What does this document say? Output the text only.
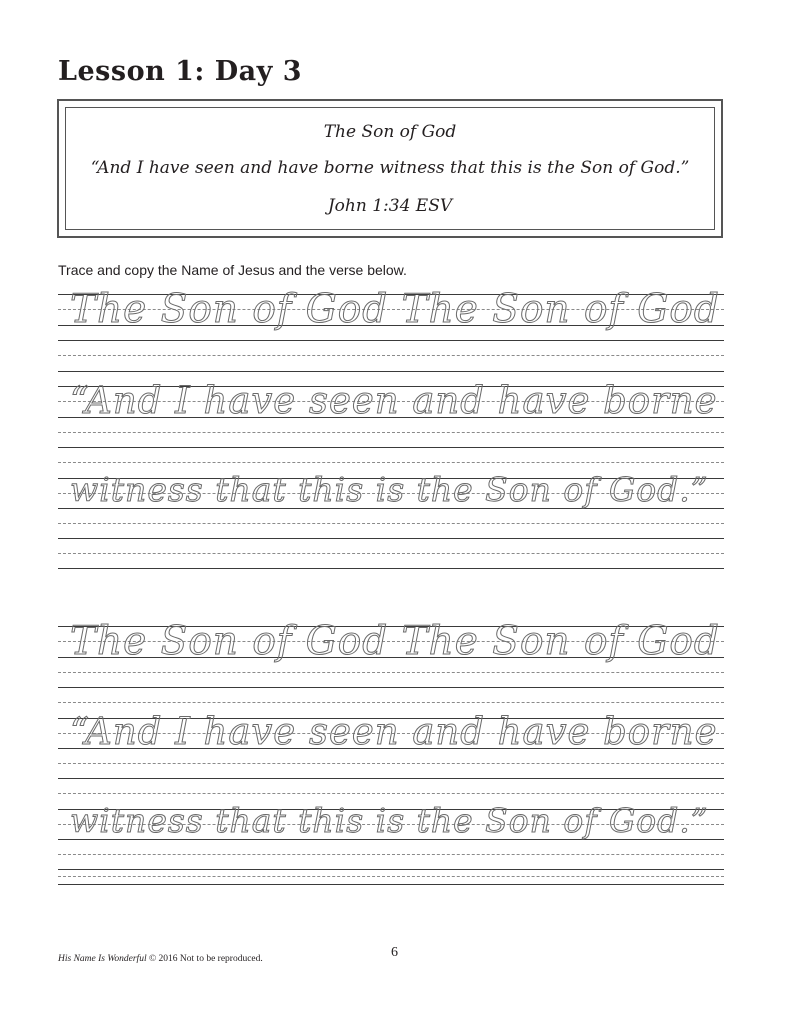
Lesson 1: Day 3
The Son of God
“And I have seen and have borne witness that this is the Son of God.”
John 1:34 ESV
Trace and copy the Name of Jesus and the verse below.
The Son of God The Son of God
“And I have seen and have borne
witness that this is the Son of God.”
The Son of God The Son of God
“And I have seen and have borne
witness that this is the Son of God.”
His Name Is Wonderful © 2016 Not to be reproduced.	6
